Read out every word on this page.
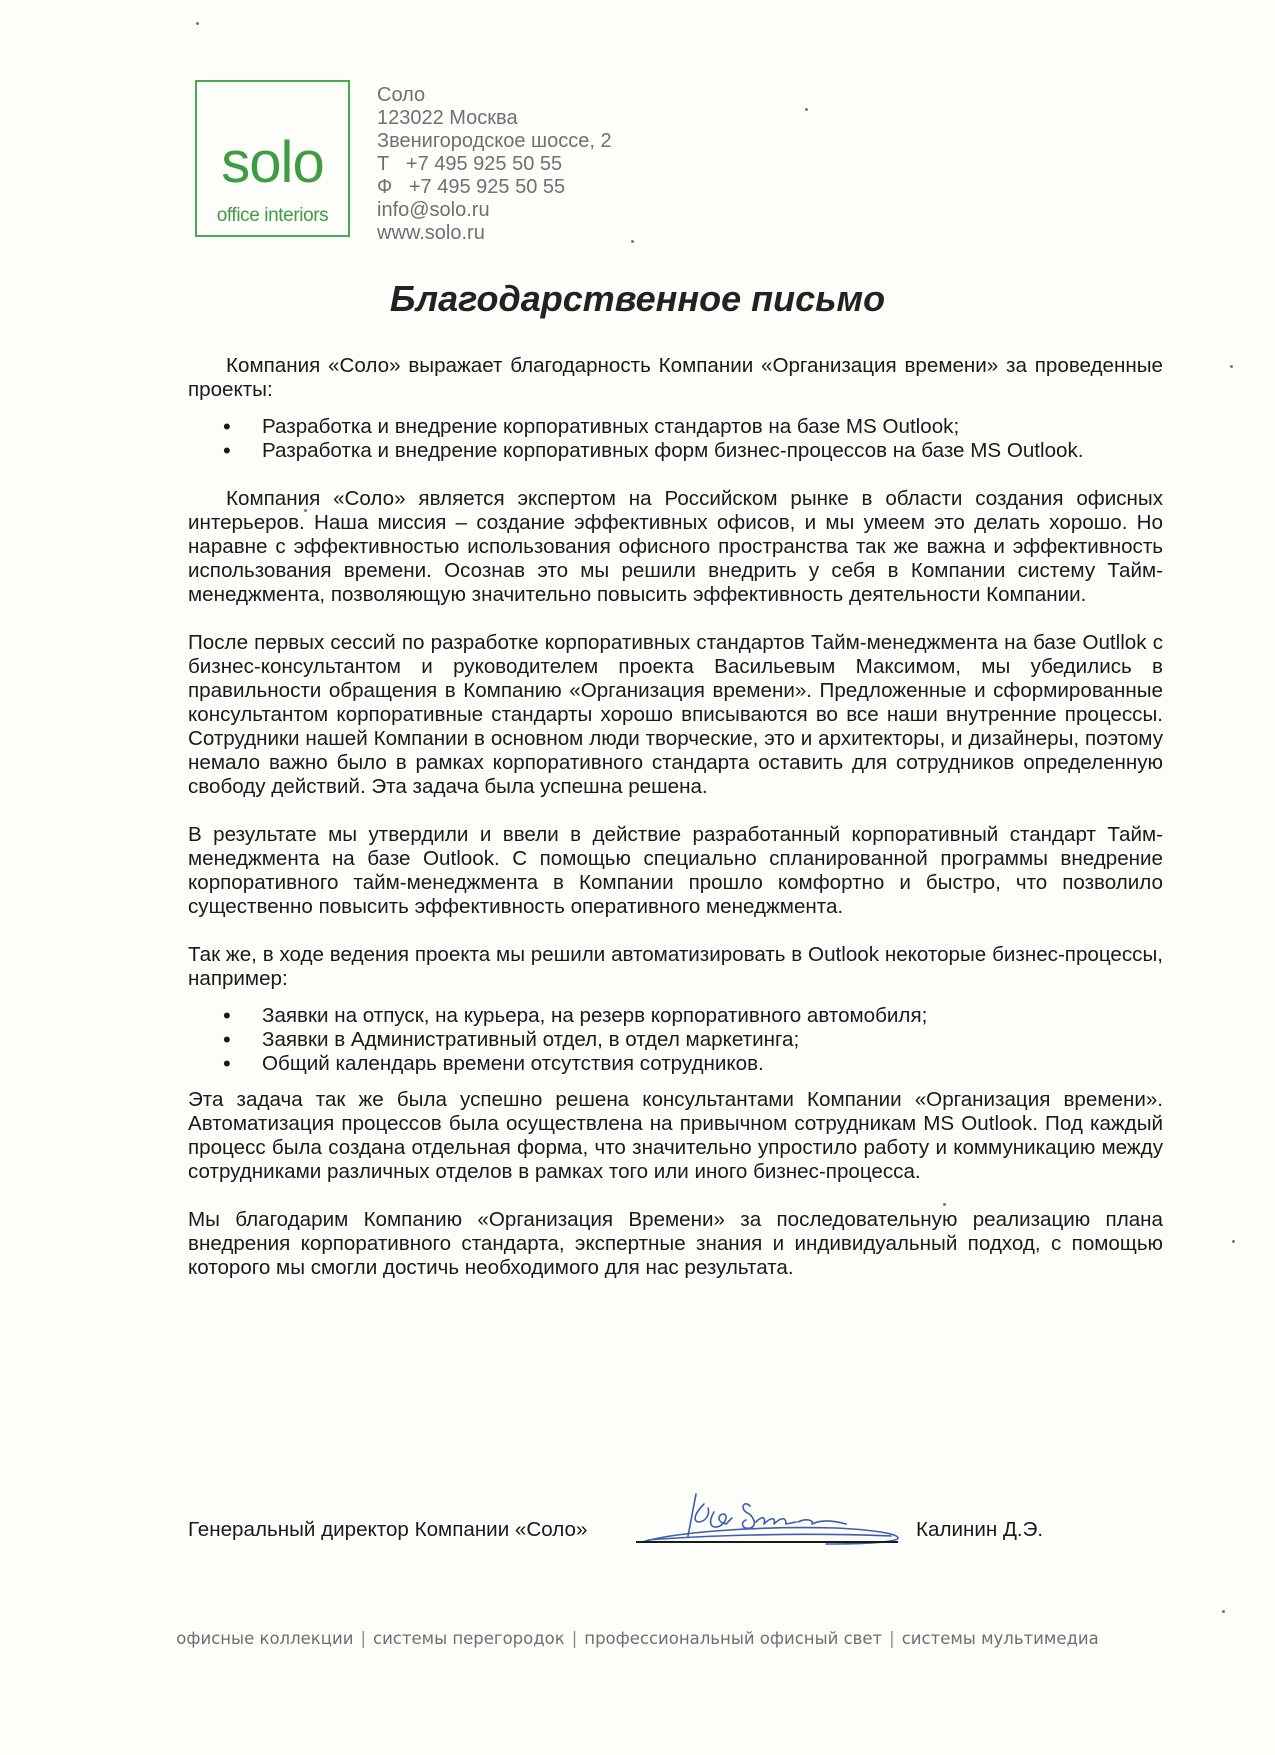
solo
office interiors
Соло
123022 Москва
Звенигородское шоссе, 2
Т   +7 495 925 50 55
Ф   +7 495 925 50 55
info@solo.ru
www.solo.ru
Благодарственное письмо

Компания «Соло» выражает благодарность Компании «Организация времени» за проведенные проекты:

• Разработка и внедрение корпоративных стандартов на базе MS Outlook;
• Разработка и внедрение корпоративных форм бизнес-процессов на базе MS Outlook.

Компания «Соло» является экспертом на Российском рынке в области создания офисных интерьеров. Наша миссия – создание эффективных офисов, и мы умеем это делать хорошо. Но наравне с эффективностью использования офисного пространства так же важна и эффективность использования времени. Осознав это мы решили внедрить у себя в Компании систему Тайм-менеджмента, позволяющую значительно повысить эффективность деятельности Компании.

После первых сессий по разработке корпоративных стандартов Тайм-менеджмента на базе Outllok с бизнес-консультантом и руководителем проекта Васильевым Максимом, мы убедились в правильности обращения в Компанию «Организация времени». Предложенные и сформированные консультантом корпоративные стандарты хорошо вписываются во все наши внутренние процессы. Сотрудники нашей Компании в основном люди творческие, это и архитекторы, и дизайнеры, поэтому немало важно было в рамках корпоративного стандарта оставить для сотрудников определенную свободу действий. Эта задача была успешна решена.

В результате мы утвердили и ввели в действие разработанный корпоративный стандарт Тайм-менеджмента на базе Outlook. С помощью специально спланированной программы внедрение корпоративного тайм-менеджмента в Компании прошло комфортно и быстро, что позволило существенно повысить эффективность оперативного менеджмента.

Так же, в ходе ведения проекта мы решили автоматизировать в Outlook некоторые бизнес-процессы, например:

• Заявки на отпуск, на курьера, на резерв корпоративного автомобиля;
• Заявки в Административный отдел, в отдел маркетинга;
• Общий календарь времени отсутствия сотрудников.

Эта задача так же была успешно решена консультантами Компании «Организация времени». Автоматизация процессов была осуществлена на привычном сотрудникам MS Outlook. Под каждый процесс была создана отдельная форма, что значительно упростило работу и коммуникацию между сотрудниками различных отделов в рамках того или иного бизнес-процесса.

Мы благодарим Компанию «Организация Времени» за последовательную реализацию плана внедрения корпоративного стандарта, экспертные знания и индивидуальный подход, с помощью которого мы смогли достичь необходимого для нас результата.

Генеральный директор Компании «Соло»	Калинин Д.Э.
офисные коллекции | системы перегородок | профессиональный офисный свет | системы мультимедиа
